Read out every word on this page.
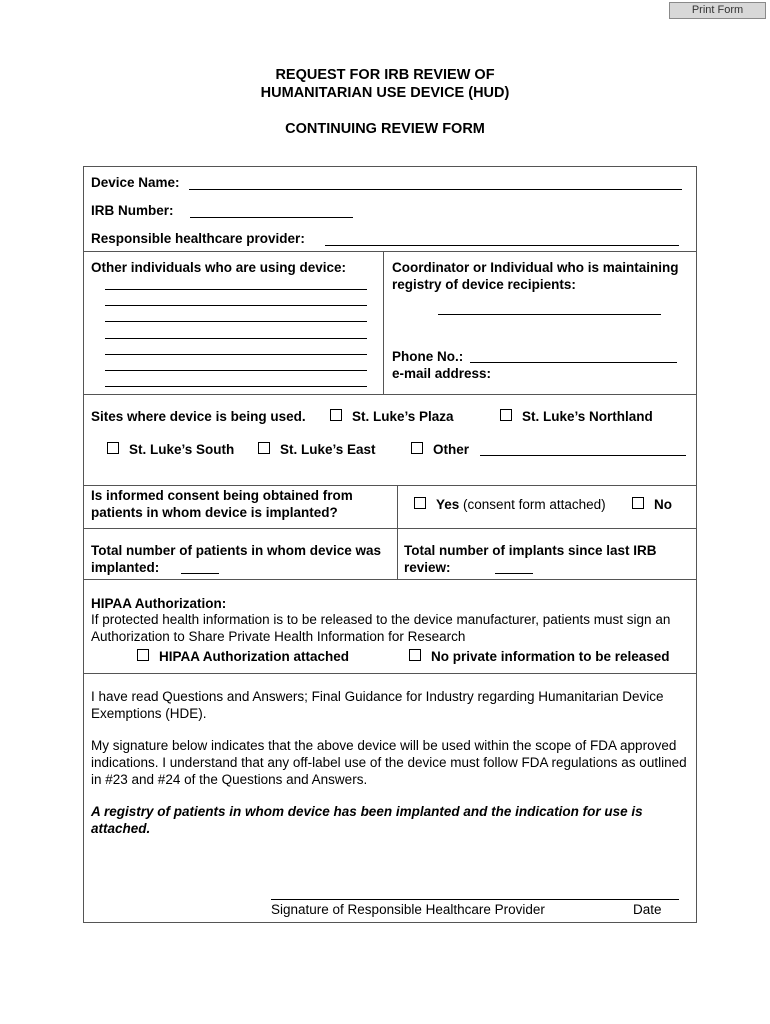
Print Form
REQUEST FOR IRB REVIEW OF
HUMANITARIAN USE DEVICE (HUD)
CONTINUING REVIEW FORM
Device Name:
IRB Number:
Responsible healthcare provider:
Other individuals who are using device:	Coordinator or Individual who is maintaining registry of device recipients:
Phone No.:
e-mail address:
Sites where device is being used.	St. Luke’s Plaza	St. Luke’s Northland
St. Luke’s South	St. Luke’s East	Other
Is informed consent being obtained from patients in whom device is implanted?
Yes (consent form attached)	No
Total number of patients in whom device was implanted:
Total number of implants since last IRB review:
HIPAA Authorization:
If protected health information is to be released to the device manufacturer, patients must sign an Authorization to Share Private Health Information for Research
HIPAA Authorization attached	No private information to be released
I have read Questions and Answers; Final Guidance for Industry regarding Humanitarian Device Exemptions (HDE).
My signature below indicates that the above device will be used within the scope of FDA approved indications. I understand that any off-label use of the device must follow FDA regulations as outlined in #23 and #24 of the Questions and Answers.
A registry of patients in whom device has been implanted and the indication for use is attached.
Signature of Responsible Healthcare Provider	Date
